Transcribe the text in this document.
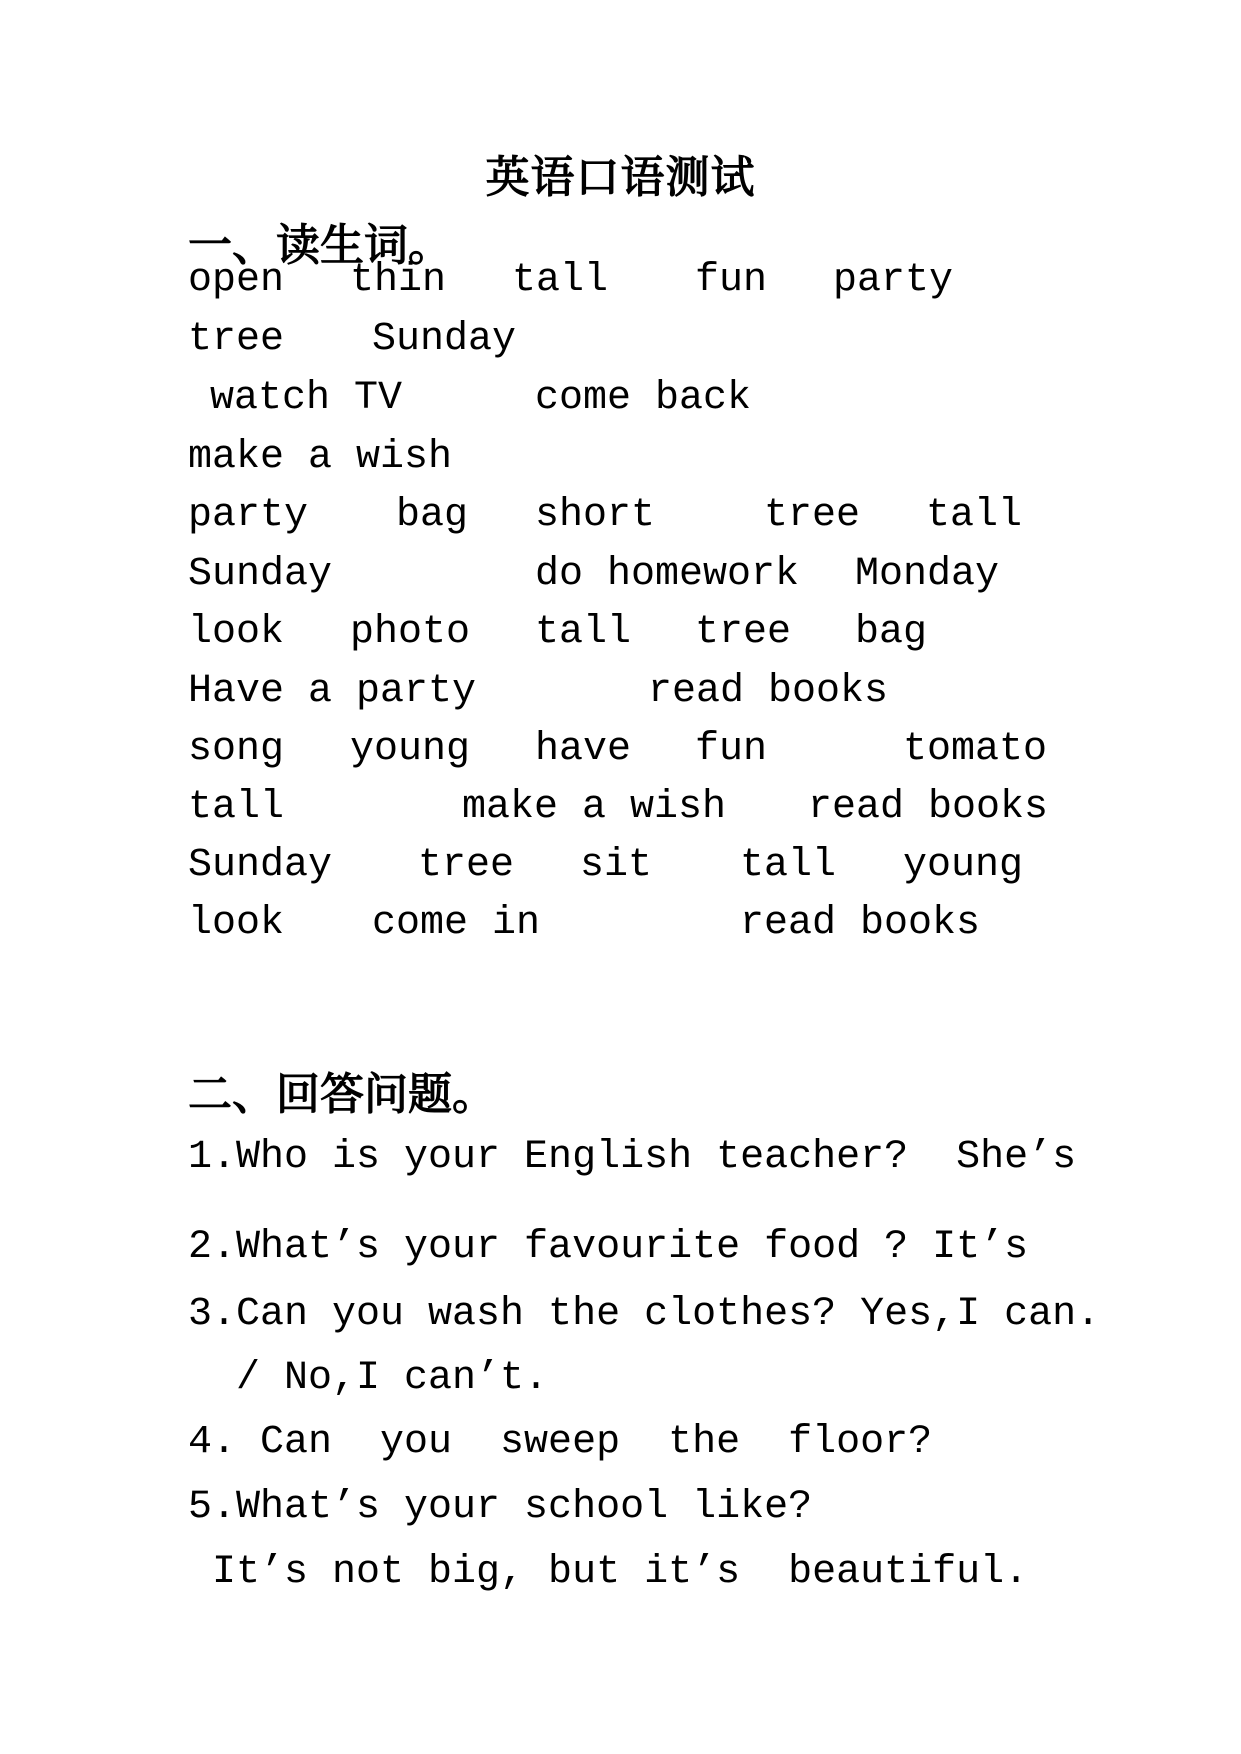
英语口语测试
一、读生词。
open thin tall fun party
tree Sunday
watch TV	come back
make a wish
party bag short	tree tall
Sunday	do homework Monday
look photo tall tree bag
Have a party	read books
song young have fun	tomato
tall	make a wish read books
Sunday tree sit tall young
look come in	read books
二、回答问题。
1.Who is your English teacher?  She’s
2.What’s your favourite food ? It’s
3.Can you wash the clothes? Yes,I can.
/ No,I can’t.
4. Can  you  sweep  the  floor?
5.What’s your school like?
It’s not big, but it’s  beautiful.
